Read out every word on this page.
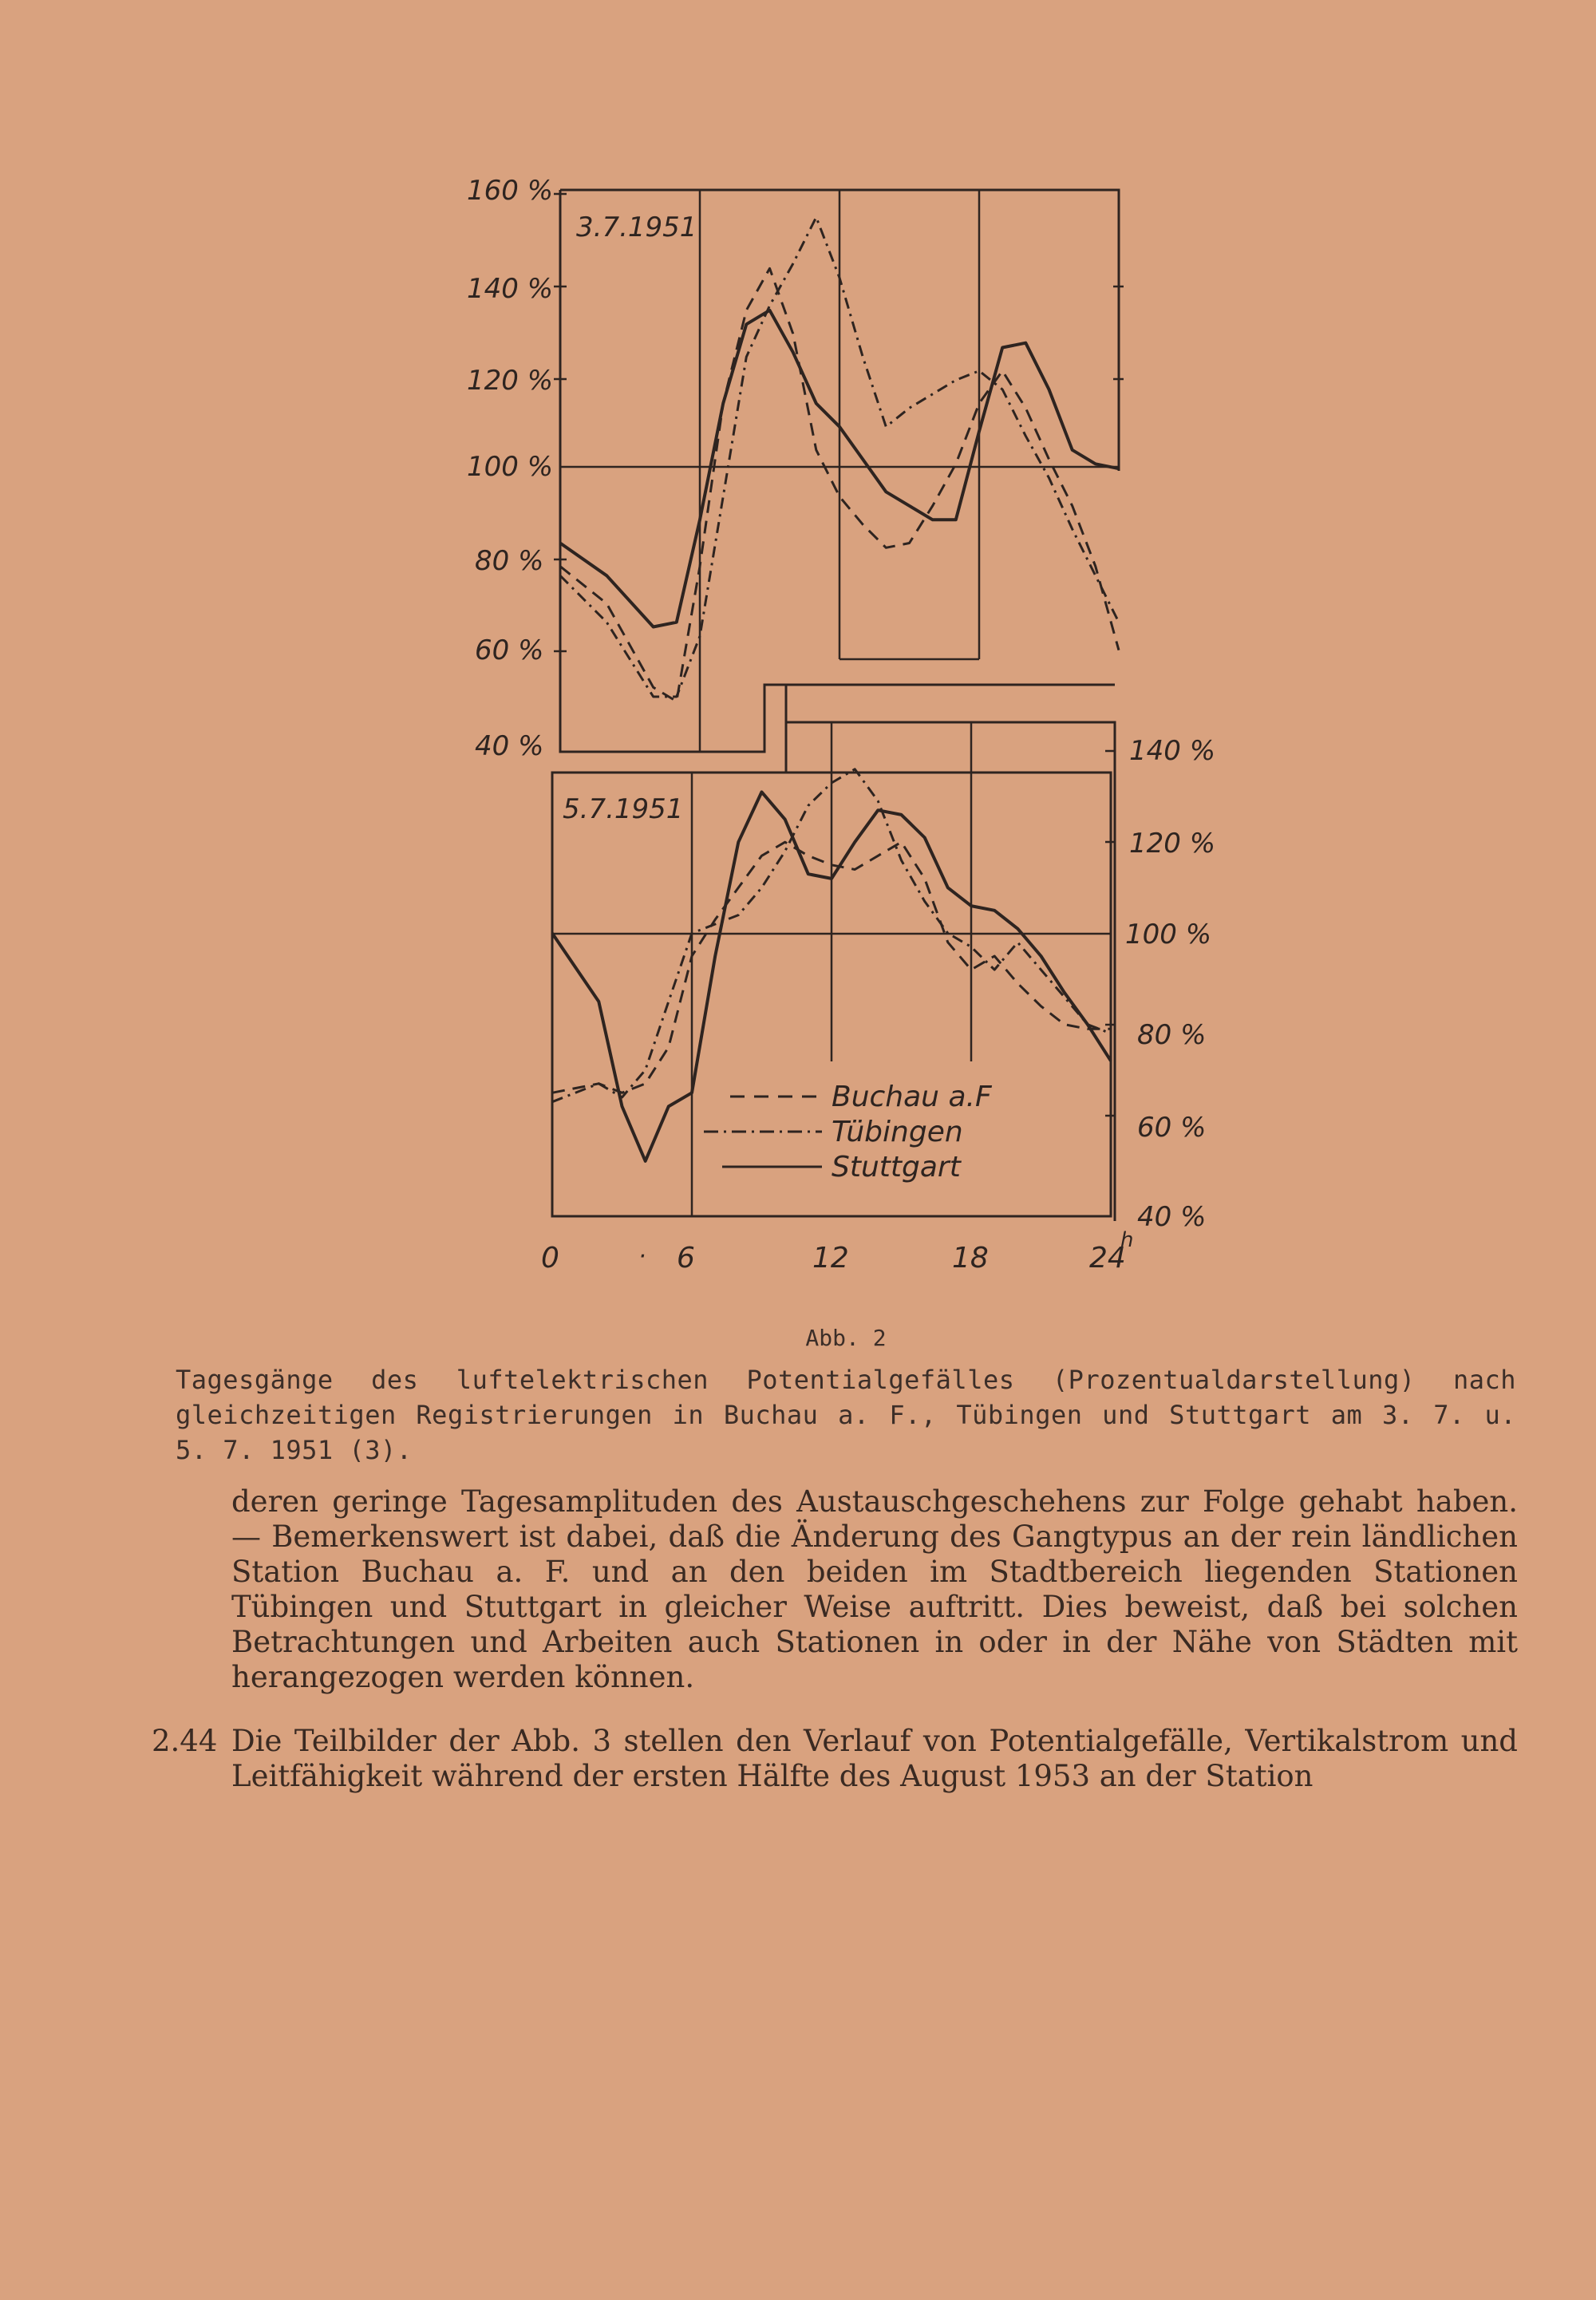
3.7.1951
5.7.1951
160 %
140 %
120 %
100 %
80 %
60 %
40 %	140 %
120 %
100 %
80 %
60 %
40 %
0	· 6	12	18	24
h
Buchau a.F
Tübingen
Stuttgart
Abb. 2
Tagesgänge des luftelektrischen Potentialgefälles (Prozentualdarstellung) nach gleichzeitigen Registrierungen in Buchau a. F., Tübingen und Stuttgart am 3. 7. u. 5. 7. 1951 (3).
deren geringe Tagesamplituden des Austauschgeschehens zur Folge gehabt haben. — Bemerkenswert ist dabei, daß die Änderung des Gangtypus an der rein ländlichen Station Buchau a. F. und an den beiden im Stadtbereich liegenden Stationen Tübingen und Stuttgart in gleicher Weise auftritt. Dies beweist, daß bei solchen Betrachtungen und Arbeiten auch Stationen in oder in der Nähe von Städten mit herangezogen werden können.
2.44 Die Teilbilder der Abb. 3 stellen den Verlauf von Potentialgefälle, Vertikalstrom und Leitfähigkeit während der ersten Hälfte des August 1953 an der Station
